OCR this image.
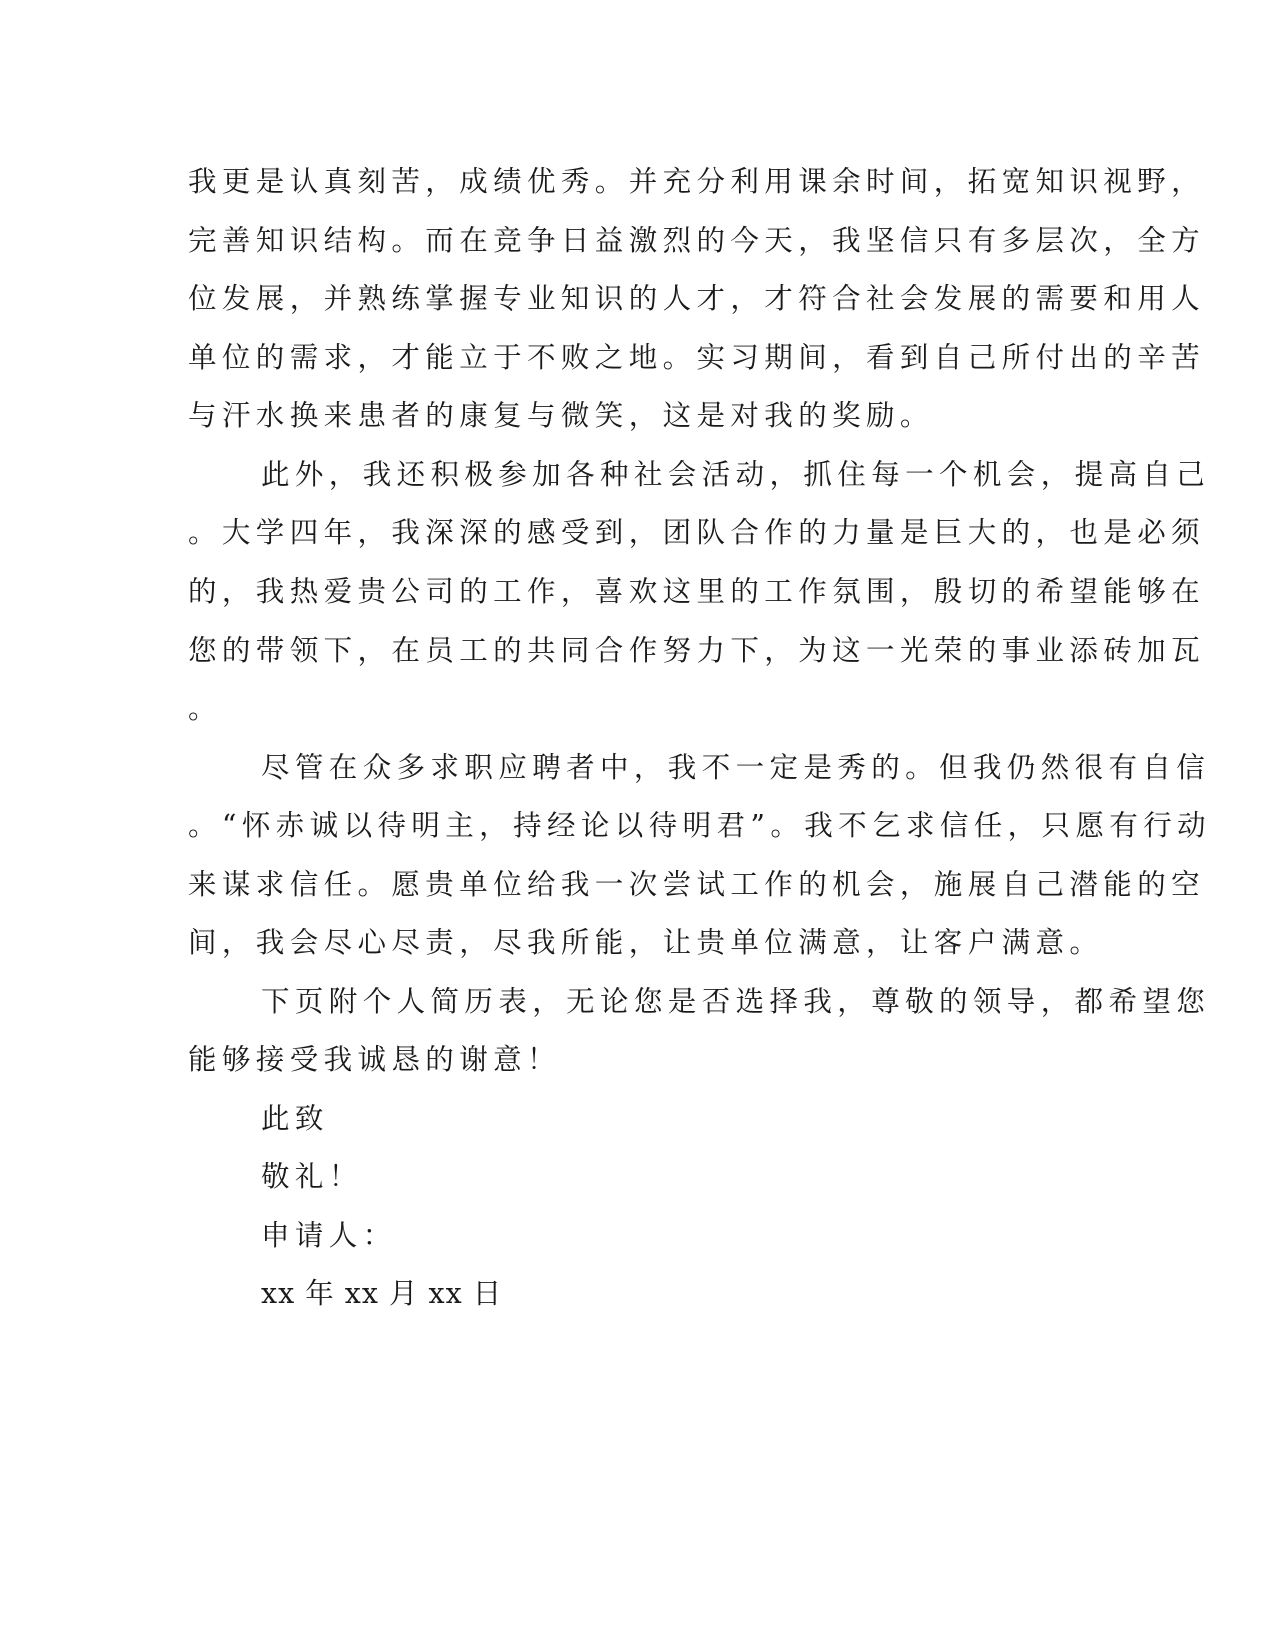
我更是认真刻苦，成绩优秀。并充分利用课余时间，拓宽知识视野，
完善知识结构。而在竞争日益激烈的今天，我坚信只有多层次，全方
位发展，并熟练掌握专业知识的人才，才符合社会发展的需要和用人
单位的需求，才能立于不败之地。实习期间，看到自己所付出的辛苦
与汗水换来患者的康复与微笑，这是对我的奖励。
此外，我还积极参加各种社会活动，抓住每一个机会，提高自己
。大学四年，我深深的感受到，团队合作的力量是巨大的，也是必须
的，我热爱贵公司的工作，喜欢这里的工作氛围，殷切的希望能够在
您的带领下，在员工的共同合作努力下，为这一光荣的事业添砖加瓦
。
尽管在众多求职应聘者中，我不一定是秀的。但我仍然很有自信
。“怀赤诚以待明主，持经论以待明君”。我不乞求信任，只愿有行动
来谋求信任。愿贵单位给我一次尝试工作的机会，施展自己潜能的空
间，我会尽心尽责，尽我所能，让贵单位满意，让客户满意。
下页附个人简历表，无论您是否选择我，尊敬的领导，都希望您
能够接受我诚恳的谢意！
此致
敬礼！
申请人：
xx 年 xx 月 xx 日
